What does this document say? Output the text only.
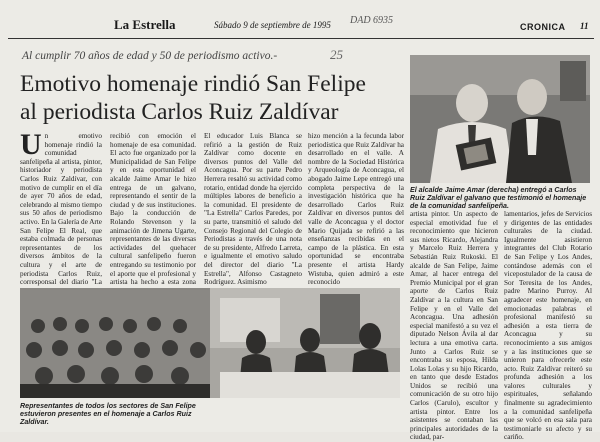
La Estrella	Sábado 9 de septiembre de 1995 DAD 6935
CRONICA 11
Al cumplir 70 años de edad y 50 de periodismo activo.-	25
Emotivo homenaje rindió San Felipe
al periodista Carlos Ruiz Zaldívar
El alcalde Jaime Amar (derecha) entregó a Carlos Ruiz Zaldívar el galvano que testimonió el homenaje de la comunidad sanfelipeña.
U n emotivo homenaje rindió la comunidad sanfelipeña al artista, pintor, historiador y periodista Carlos Ruiz Zaldívar, con motivo de cumplir en el día de ayer 70 años de edad, celebrando al mismo tiempo sus 50 años de periodismo activo. En la Galería de Arte San Felipe El Real, que estaba colmada de personas representantes de los diversos ámbitos de la cultura y el arte de periodista Carlos Ruiz, corresponsal del diario "La
recibió con emoción el homenaje de esa comunidad. El acto fue organizado por la Municipalidad de San Felipe y en esta oportunidad el alcalde Jaime Amar le hizo entrega de un galvano, representando el sentir de la ciudad y de sus instituciones. Bajo la conducción de Rolando Stevenson y la animación de Jimena Ugarte, representantes de las diversas actividades del quehacer cultural sanfelipeño fueron entregando su testimonio por el aporte que el profesional y artista ha hecho a esta zona
El educador Luis Blanca se refirió a la gestión de Ruiz Zaldívar como docente en diversos puntos del Valle del Aconcagua. Por su parte Pedro Herrera resaltó su actividad como rotario, entidad donde ha ejercido múltiples labores de beneficio a la comunidad. El presidente de "La Estrella" Carlos Paredes, por su parte, transmitió el saludo del Consejo Regional del Colegio de Periodistas a través de una nota de su presidente, Alfredo Larreta, e igualmente el emotivo saludo del director del diario "La Estrella", Alfonso Castagneto Rodríguez. Asimismo
hizo mención a la fecunda labor periodística que Ruiz Zaldívar ha desarrollado en el valle. A nombre de la Sociedad Histórica y Arqueología de Aconcagua, el abogado Jaime Lepe entregó una completa perspectiva de la investigación histórica que ha desarrollado Carlos Ruiz Zaldívar en diversos puntos del valle de Aconcagua y el doctor Mario Quijada se refirió a las enseñanzas recibidas en el campo de la plástica. En esta oportunidad se encontraba presente el artista Hardy Wistuba, quien admiró a este reconocido
Representantes de todos los sectores de San Felipe estuvieron presentes en el homenaje a Carlos Ruiz Zaldívar.
artista pintor. Un aspecto de especial emotividad fue el reconocimiento que hicieron sus nietos Ricardo, Alejandra y Marcelo Ruiz Herrera y Sebastián Ruiz Rukoski. El alcalde de San Felipe, Jaime Amar, al hacer entrega del Premio Municipal por el gran aporte de Carlos Ruiz Zaldívar a la cultura en San Felipe y en el Valle del Aconcagua. Una adhesión especial manifestó a su vez el diputado Nelson Ávila al dar lectura a una emotiva carta. Junto a Carlos Ruiz se encontraba su esposa, Hilda Lolas Lolas y su hijo Ricardo, en tanto que desde Estados Unidos se recibió una comunicación de su otro hijo Carlos (Carulo), escultor y artista pintor. Entre los asistentes se contaban las principales autoridades de la ciudad, par-
lamentarios, jefes de Servicios y dirigentes de las entidades culturales de la ciudad. Igualmente asistieron integrantes del Club Rotario de San Felipe y Los Andes, contándose además con el vicepostulador de la causa de Sor Teresita de los Andes, padre Marino Purroy. Al agradecer este homenaje, en emocionadas palabras el profesional manifestó su adhesión a esta tierra de Aconcagua y su reconocimiento a sus amigos y a las instituciones que se unieron para ofrecerle este acto. Ruiz Zaldívar reiteró su profunda adhesión a los valores culturales y espirituales, señalando finalmente su agradecimiento a la comunidad sanfelipeña que se volcó en esa sala para testimoniarle su afecto y su cariño.
